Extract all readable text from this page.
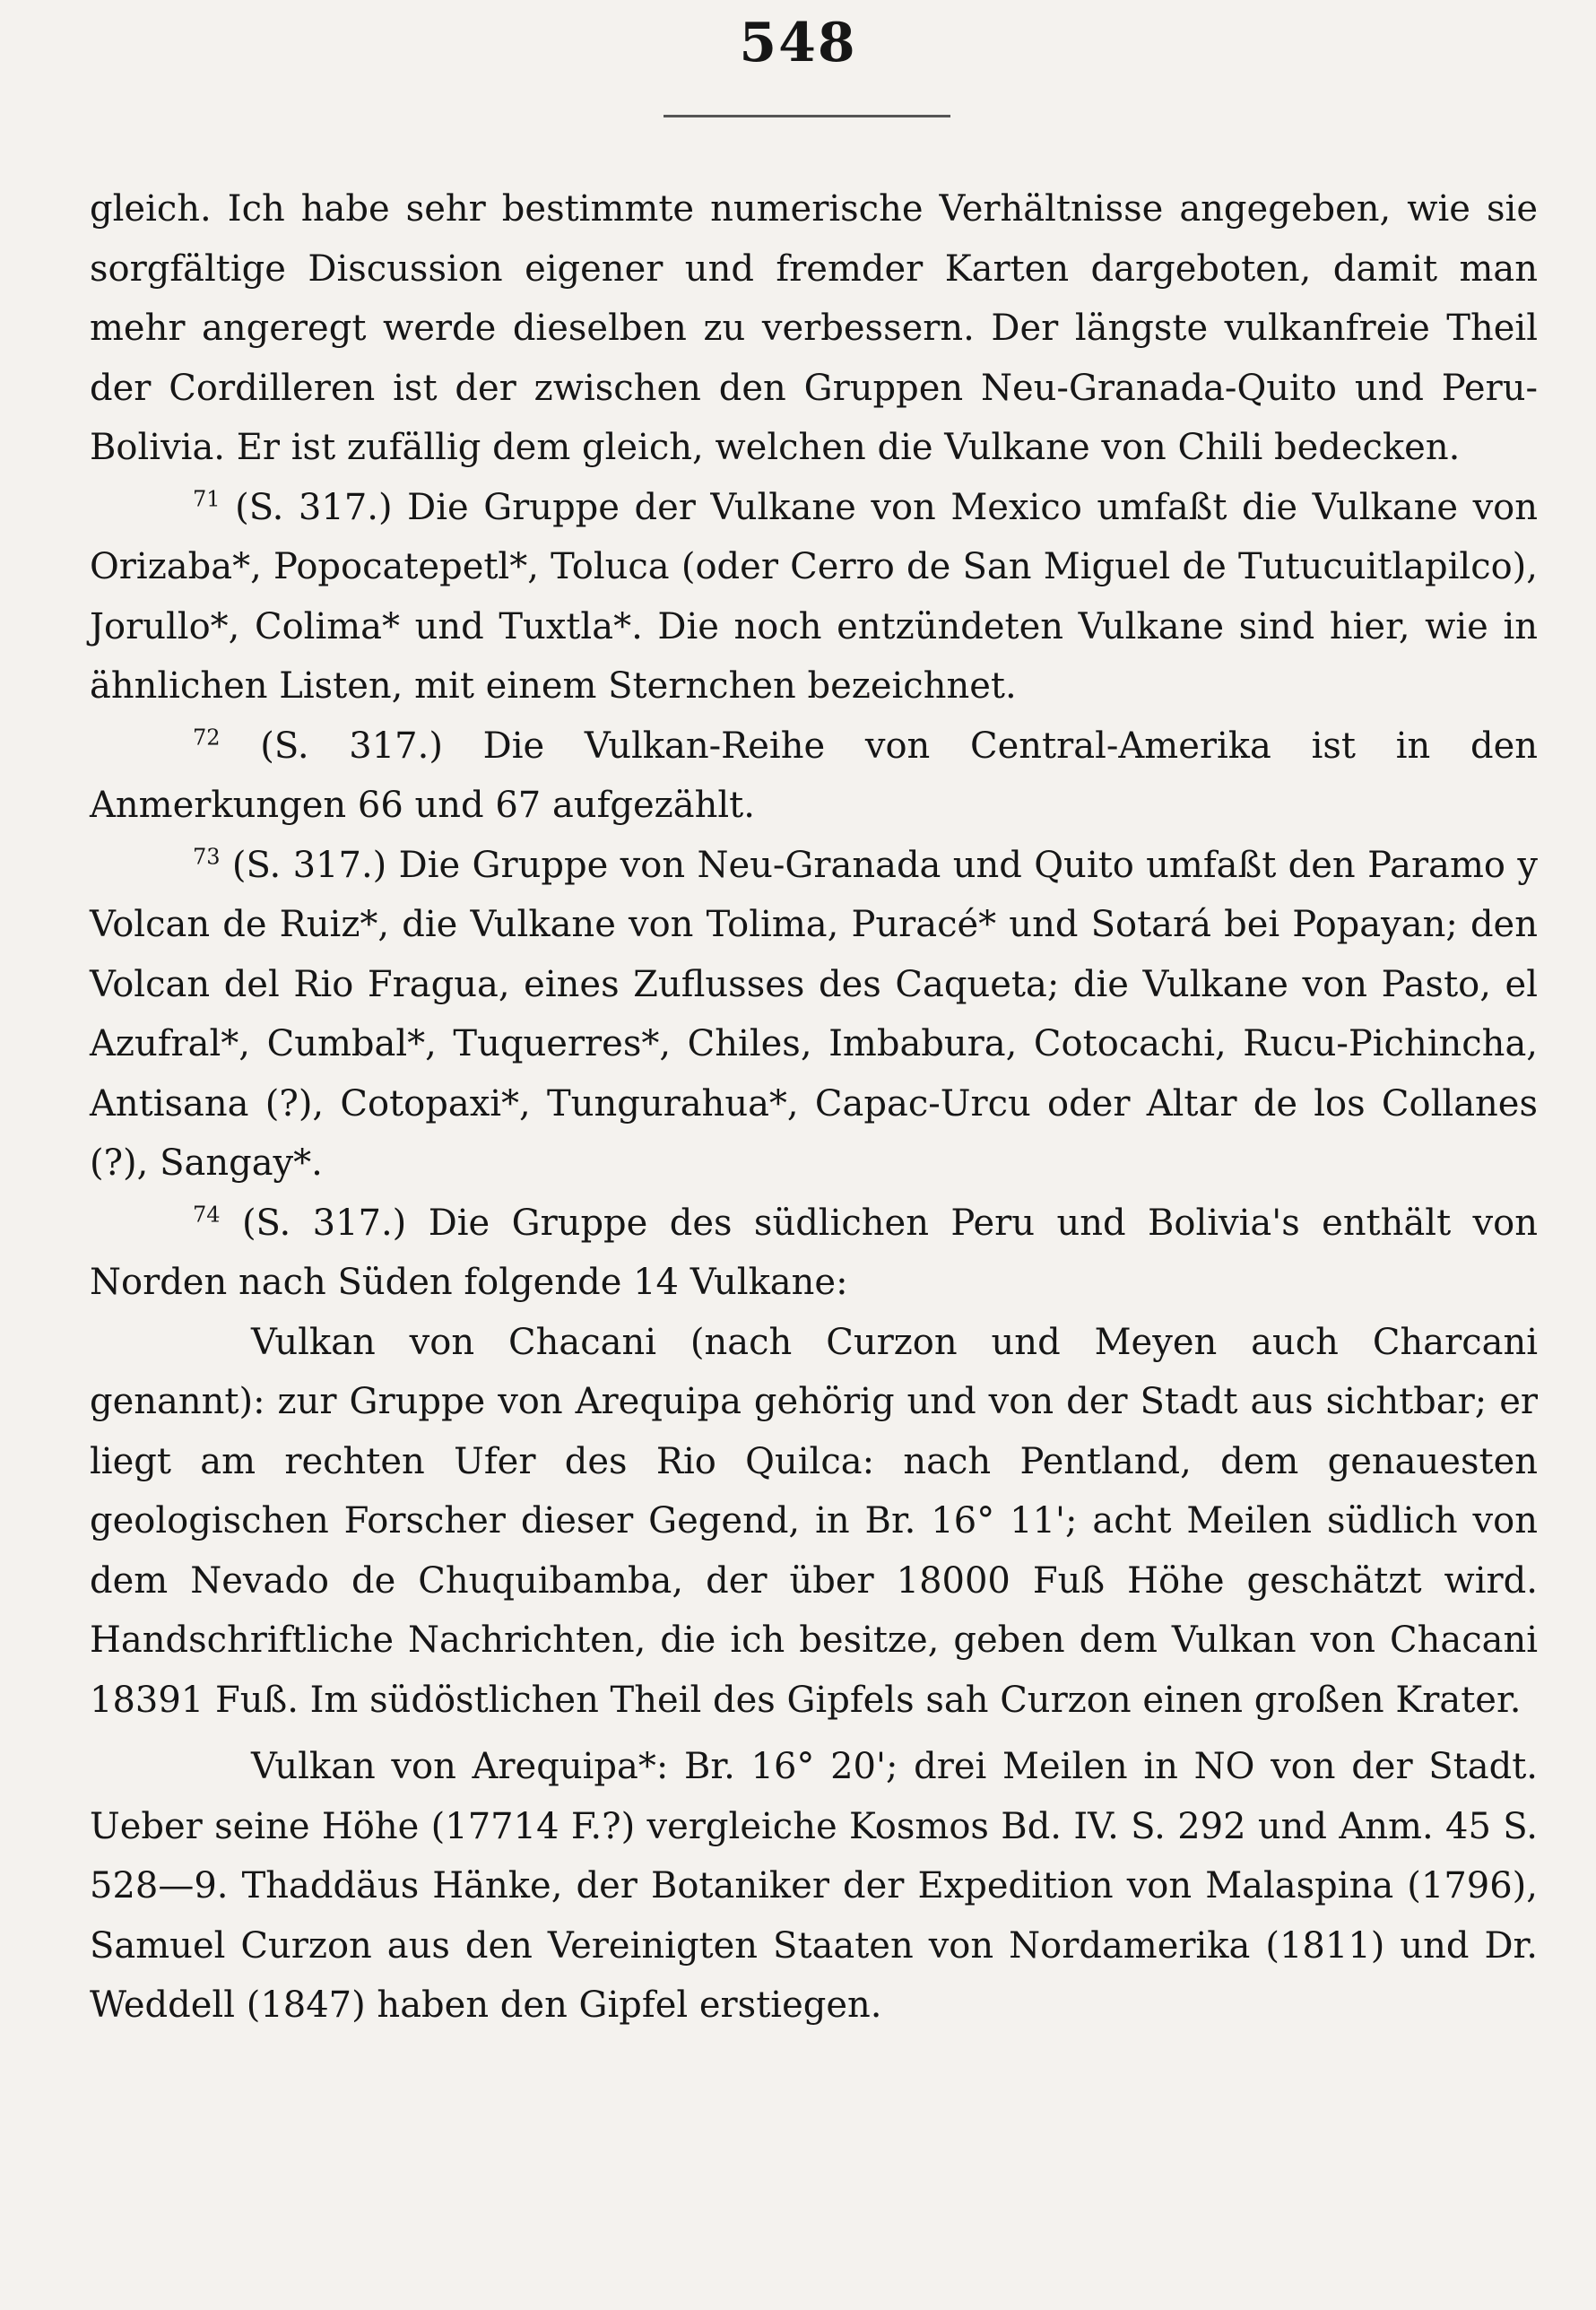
548

gleich. Ich habe sehr bestimmte numerische Verhältnisse angegeben, wie sie sorgfältige Discussion eigener und fremder Karten dargeboten, damit man mehr angeregt werde dieselben zu verbessern. Der längste vulkanfreie Theil der Cordilleren ist der zwischen den Gruppen Neu-Granada-Quito und Peru-Bolivia. Er ist zufällig dem gleich, welchen die Vulkane von Chili bedecken.

$^{71}$ (S. 317.) Die Gruppe der Vulkane von Mexico umfaßt die Vulkane von Orizaba*, Popocatepetl*, Toluca (oder Cerro de San Miguel de Tutucuitlapilco), Jorullo*, Colima* und Tuxtla*. Die noch entzündeten Vulkane sind hier, wie in ähnlichen Listen, mit einem Sternchen bezeichnet.

$^{72}$ (S. 317.) Die Vulkan-Reihe von Central-Amerika ist in den Anmerkungen 66 und 67 aufgezählt.

$^{73}$ (S. 317.) Die Gruppe von Neu-Granada und Quito umfaßt den Paramo y Volcan de Ruiz*, die Vulkane von Tolima, Puracé* und Sotará bei Popayan; den Volcan del Rio Fragua, eines Zuflusses des Caqueta; die Vulkane von Pasto, el Azufral*, Cumbal*, Tuquerres*, Chiles, Imbabura, Cotocachi, Rucu-Pichincha, Antisana (?), Cotopaxi*, Tungurahua*, Capac-Urcu oder Altar de los Collanes (?), Sangay*.

$^{74}$ (S. 317.) Die Gruppe des südlichen Peru und Bolivia's enthält von Norden nach Süden folgende 14 Vulkane:

Vulkan von Chacani (nach Curzon und Meyen auch Charcani genannt): zur Gruppe von Arequipa gehörig und von der Stadt aus sichtbar; er liegt am rechten Ufer des Rio Quilca: nach Pentland, dem genauesten geologischen Forscher dieser Gegend, in Br. 16° 11'; acht Meilen südlich von dem Nevado de Chuquibamba, der über 18000 Fuß Höhe geschätzt wird. Handschriftliche Nachrichten, die ich besitze, geben dem Vulkan von Chacani 18391 Fuß. Im südöstlichen Theil des Gipfels sah Curzon einen großen Krater.

Vulkan von Arequipa*: Br. 16° 20'; drei Meilen in NO von der Stadt. Ueber seine Höhe (17714 F.?) vergleiche Kosmos Bd. IV. S. 292 und Anm. 45 S. 528—9. Thaddäus Hänke, der Botaniker der Expedition von Malaspina (1796), Samuel Curzon aus den Vereinigten Staaten von Nordamerika (1811) und Dr. Weddell (1847) haben den Gipfel erstiegen.
